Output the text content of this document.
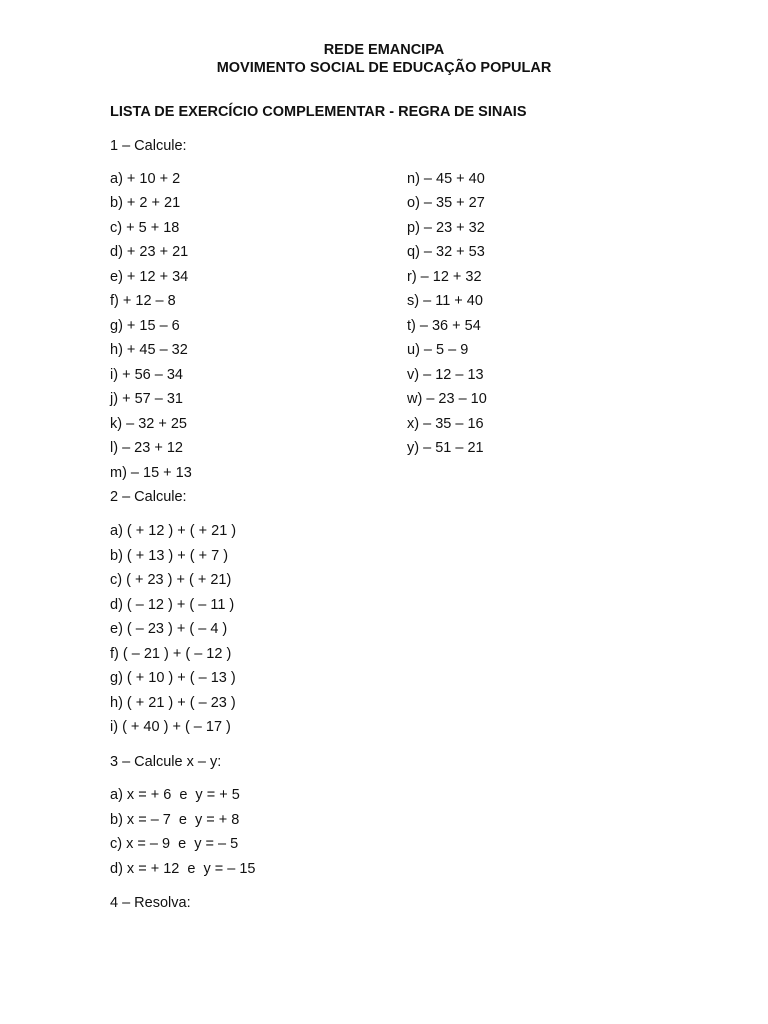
REDE EMANCIPA
MOVIMENTO SOCIAL DE EDUCAÇÃO POPULAR
LISTA DE EXERCÍCIO COMPLEMENTAR - REGRA DE SINAIS
1 – Calcule:
a) + 10 + 2
b) + 2 + 21
c) + 5 + 18
d) + 23 + 21
e) + 12 + 34
f) + 12 – 8
g) + 15 – 6
h) + 45 – 32
i) + 56 – 34
j) + 57 – 31
k) – 32 + 25
l) – 23 + 12
m) – 15 + 13
n) – 45 + 40
o) – 35 + 27
p) – 23 + 32
q) – 32 + 53
r) – 12 + 32
s) – 11 + 40
t) – 36 + 54
u) – 5 – 9
v) – 12 – 13
w) – 23 – 10
x) – 35 – 16
y) – 51 – 21
2 – Calcule:
a) ( + 12 ) + ( + 21 )
b) ( + 13 ) + ( + 7 )
c) ( + 23 ) + ( + 21)
d) ( – 12 ) + ( – 11 )
e) ( – 23 ) + ( – 4 )
f) ( – 21 ) + ( – 12 )
g) ( + 10 ) + ( – 13 )
h) ( + 21 ) + ( – 23 )
i) ( + 40 ) + ( – 17 )
3 – Calcule x – y:
a) x = + 6  e  y = + 5
b) x = – 7  e  y = + 8
c) x = – 9  e  y = – 5
d) x = + 12  e  y = – 15
4 – Resolva:
